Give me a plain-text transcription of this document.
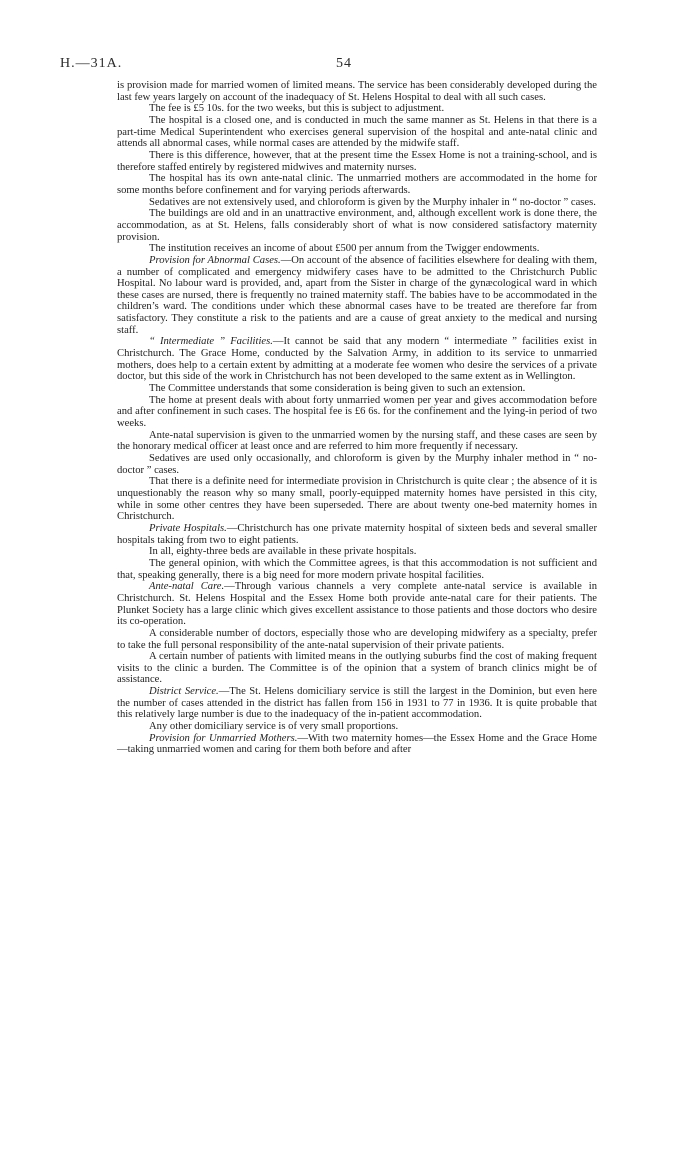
H.—31A.	54

is provision made for married women of limited means. The service has been considerably developed during the last few years largely on account of the inadequacy of St. Helens Hospital to deal with all such cases.

The fee is £5 10s. for the two weeks, but this is subject to adjustment.

The hospital is a closed one, and is conducted in much the same manner as St. Helens in that there is a part-time Medical Superintendent who exercises general supervision of the hospital and ante-natal clinic and attends all abnormal cases, while normal cases are attended by the midwife staff.

There is this difference, however, that at the present time the Essex Home is not a training-school, and is therefore staffed entirely by registered midwives and maternity nurses.

The hospital has its own ante-natal clinic. The unmarried mothers are accommodated in the home for some months before confinement and for varying periods afterwards.

Sedatives are not extensively used, and chloroform is given by the Murphy inhaler in “ no-doctor ” cases.

The buildings are old and in an unattractive environment, and, although excellent work is done there, the accommodation, as at St. Helens, falls considerably short of what is now considered satisfactory maternity provision.

The institution receives an income of about £500 per annum from the Twigger endowments.

Provision for Abnormal Cases.—On account of the absence of facilities elsewhere for dealing with them, a number of complicated and emergency midwifery cases have to be admitted to the Christchurch Public Hospital. No labour ward is provided, and, apart from the Sister in charge of the gynæcological ward in which these cases are nursed, there is frequently no trained maternity staff. The babies have to be accommodated in the children’s ward. The conditions under which these abnormal cases have to be treated are therefore far from satisfactory. They constitute a risk to the patients and are a cause of great anxiety to the medical and nursing staff.

“ Intermediate ” Facilities.—It cannot be said that any modern “ intermediate ” facilities exist in Christchurch. The Grace Home, conducted by the Salvation Army, in addition to its service to unmarried mothers, does help to a certain extent by admitting at a moderate fee women who desire the services of a private doctor, but this side of the work in Christchurch has not been developed to the same extent as in Wellington.

The Committee understands that some consideration is being given to such an extension.

The home at present deals with about forty unmarried women per year and gives accommodation before and after confinement in such cases. The hospital fee is £6 6s. for the confinement and the lying-in period of two weeks.

Ante-natal supervision is given to the unmarried women by the nursing staff, and these cases are seen by the honorary medical officer at least once and are referred to him more frequently if necessary.

Sedatives are used only occasionally, and chloroform is given by the Murphy inhaler method in “ no-doctor ” cases.

That there is a definite need for intermediate provision in Christchurch is quite clear ; the absence of it is unquestionably the reason why so many small, poorly-equipped maternity homes have persisted in this city, while in some other centres they have been superseded. There are about twenty one-bed maternity homes in Christchurch.

Private Hospitals.—Christchurch has one private maternity hospital of sixteen beds and several smaller hospitals taking from two to eight patients.

In all, eighty-three beds are available in these private hospitals.

The general opinion, with which the Committee agrees, is that this accommodation is not sufficient and that, speaking generally, there is a big need for more modern private hospital facilities.

Ante-natal Care.—Through various channels a very complete ante-natal service is available in Christchurch. St. Helens Hospital and the Essex Home both provide ante-natal care for their patients. The Plunket Society has a large clinic which gives excellent assistance to those patients and those doctors who desire its co-operation.

A considerable number of doctors, especially those who are developing midwifery as a specialty, prefer to take the full personal responsibility of the ante-natal supervision of their private patients.

A certain number of patients with limited means in the outlying suburbs find the cost of making frequent visits to the clinic a burden. The Committee is of the opinion that a system of branch clinics might be of assistance.

District Service.—The St. Helens domiciliary service is still the largest in the Dominion, but even here the number of cases attended in the district has fallen from 156 in 1931 to 77 in 1936. It is quite probable that this relatively large number is due to the inadequacy of the in-patient accommodation.

Any other domiciliary service is of very small proportions.

Provision for Unmarried Mothers.—With two maternity homes—the Essex Home and the Grace Home—taking unmarried women and caring for them both before and after
